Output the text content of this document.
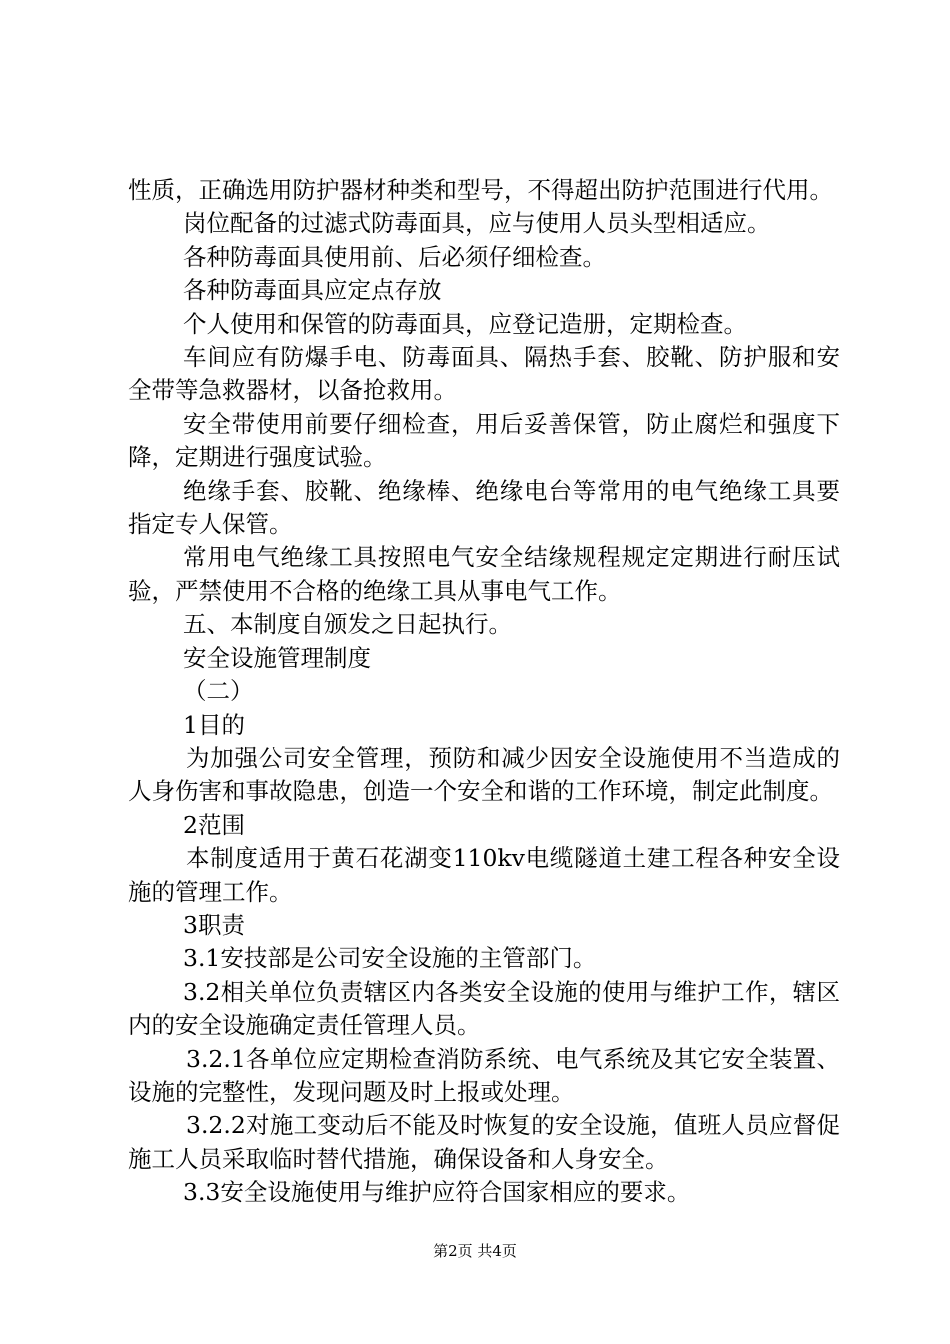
性质，正确选用防护器材种类和型号，不得超出防护范围进行代用。

岗位配备的过滤式防毒面具，应与使用人员头型相适应。

各种防毒面具使用前、后必须仔细检查。

各种防毒面具应定点存放

个人使用和保管的防毒面具，应登记造册，定期检查。

车间应有防爆手电、防毒面具、隔热手套、胶靴、防护服和安全带等急救器材，以备抢救用。

安全带使用前要仔细检查，用后妥善保管，防止腐烂和强度下降，定期进行强度试验。

绝缘手套、胶靴、绝缘棒、绝缘电台等常用的电气绝缘工具要指定专人保管。

常用电气绝缘工具按照电气安全结缘规程规定定期进行耐压试验，严禁使用不合格的绝缘工具从事电气工作。

五、本制度自颁发之日起执行。

安全设施管理制度

（二）

1目的

为加强公司安全管理，预防和减少因安全设施使用不当造成的人身伤害和事故隐患，创造一个安全和谐的工作环境，制定此制度。

2范围

本制度适用于黄石花湖变110kv电缆隧道土建工程各种安全设施的管理工作。

3职责

3.1安技部是公司安全设施的主管部门。

3.2相关单位负责辖区内各类安全设施的使用与维护工作，辖区内的安全设施确定责任管理人员。

3.2.1各单位应定期检查消防系统、电气系统及其它安全装置、设施的完整性，发现问题及时上报或处理。

3.2.2对施工变动后不能及时恢复的安全设施，值班人员应督促施工人员采取临时替代措施，确保设备和人身安全。

3.3安全设施使用与维护应符合国家相应的要求。

第2页 共4页
